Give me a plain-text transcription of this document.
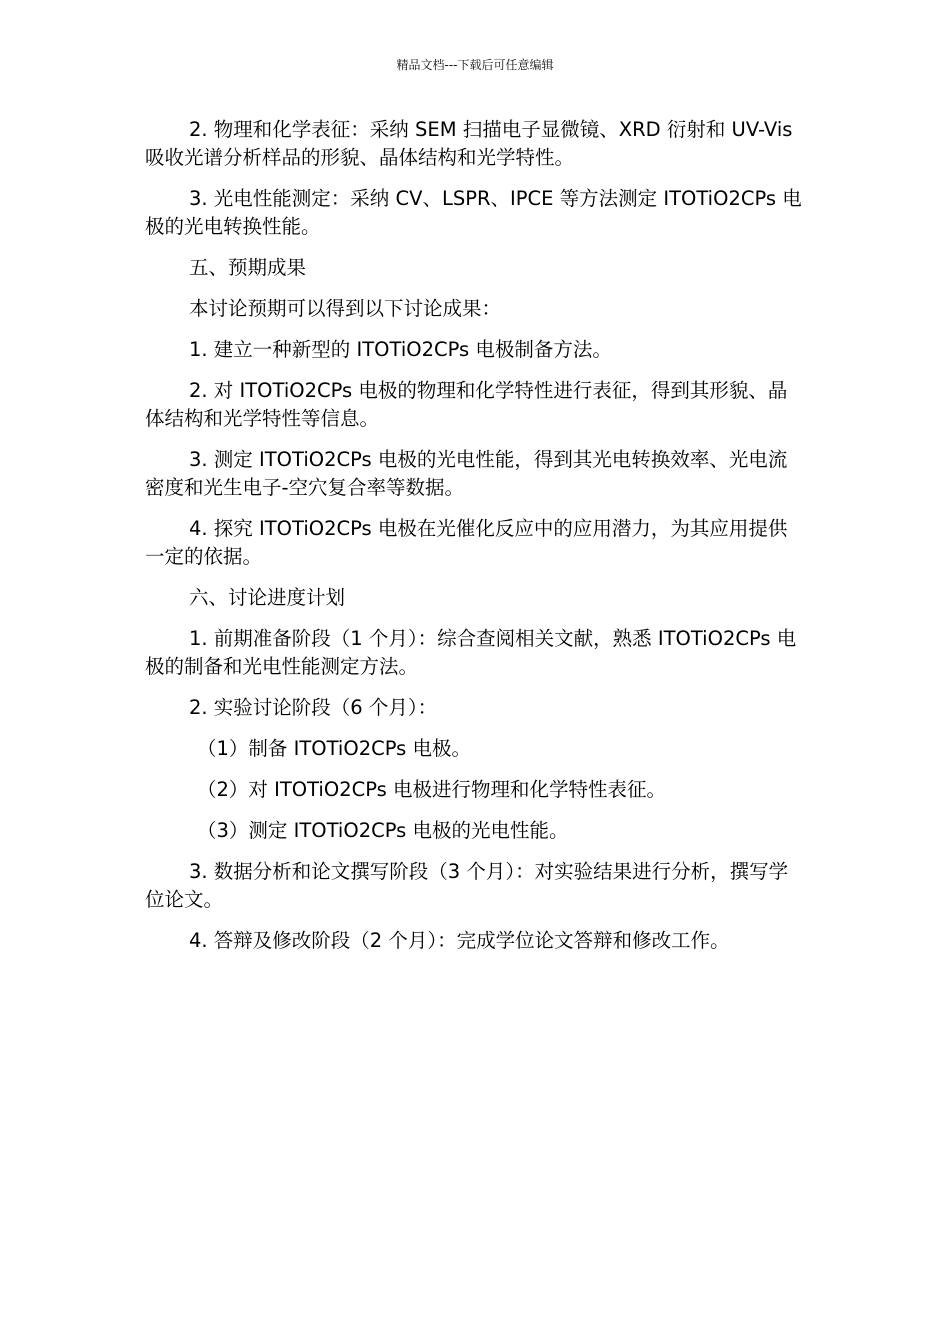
精品文档---下载后可任意编辑

2. 物理和化学表征：采纳 SEM 扫描电子显微镜、XRD 衍射和 UV-Vis 吸收光谱分析样品的形貌、晶体结构和光学特性。

3. 光电性能测定：采纳 CV、LSPR、IPCE 等方法测定 ITOTiO2CPs 电极的光电转换性能。

五、预期成果

本讨论预期可以得到以下讨论成果：

1. 建立一种新型的 ITOTiO2CPs 电极制备方法。

2. 对 ITOTiO2CPs 电极的物理和化学特性进行表征，得到其形貌、晶体结构和光学特性等信息。

3. 测定 ITOTiO2CPs 电极的光电性能，得到其光电转换效率、光电流密度和光生电子-空穴复合率等数据。

4. 探究 ITOTiO2CPs 电极在光催化反应中的应用潜力，为其应用提供一定的依据。

六、讨论进度计划

1. 前期准备阶段（1 个月）：综合查阅相关文献，熟悉 ITOTiO2CPs 电极的制备和光电性能测定方法。

2. 实验讨论阶段（6 个月）：

（1）制备 ITOTiO2CPs 电极。

（2）对 ITOTiO2CPs 电极进行物理和化学特性表征。

（3）测定 ITOTiO2CPs 电极的光电性能。

3. 数据分析和论文撰写阶段（3 个月）：对实验结果进行分析，撰写学位论文。

4. 答辩及修改阶段（2 个月）：完成学位论文答辩和修改工作。
